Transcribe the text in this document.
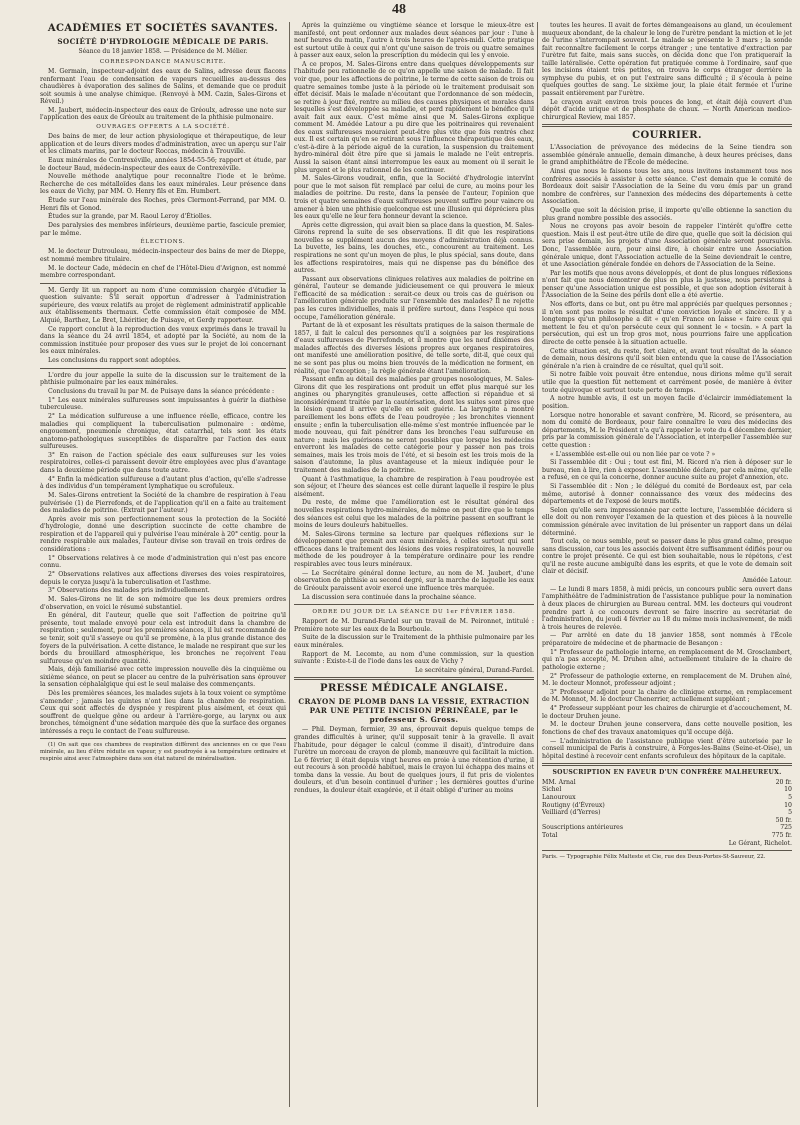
48

ACADÉMIES ET SOCIÉTÉS SAVANTES.

SOCIÉTÉ D'HYDROLOGIE MÉDICALE DE PARIS.

Séance du 18 janvier 1858. — Présidence de M. Mélier.

CORRESPONDANCE MANUSCRITE.

M. Germain, inspecteur-adjoint des eaux de Salins, adresse deux flacons renfermant l'eau de condensation de vapeurs recueillies au-dessus des chaudières à évaporation des salines de Salins, et demande que ce produit soit soumis à une analyse chimique. (Renvoyé à MM. Cazin, Sales-Girons et Réveil.)

M. Jaubert, médecin-inspecteur des eaux de Gréoulx, adresse une note sur l'application des eaux de Gréoulx au traitement de la phthisie pulmonaire.

OUVRAGES OFFERTS A LA SOCIÉTÉ.

Des bains de mer, de leur action physiologique et thérapeutique, de leur application et de leurs divers modes d'administration, avec un aperçu sur l'air et les climats marins, par le docteur Roccas, médecin à Trouville.

Eaux minérales de Contrexéville, années 1854-55-56; rapport et étude, par le docteur Baud, médecin-inspecteur des eaux de Contrexéville.

Nouvelle méthode analytique pour reconnaître l'iode et le brôme. Recherche de ces métalloïdes dans les eaux minérales. Leur présence dans les eaux de Vichy, par MM. O. Henry fils et Em. Humbert.

Étude sur l'eau minérale des Roches, près Clermont-Ferrand, par MM. O. Henri fils et Gonod.

Études sur la grande, par M. Raoul Leroy d'Étiolles.

Des paralysies des membres inférieurs, deuxième partie, fascicule premier, par le même.

ÉLECTIONS.

M. le docteur Dutrouleau, médecin-inspecteur des bains de mer de Dieppe, est nommé membre titulaire.

M. le docteur Cade, médecin en chef de l'Hôtel-Dieu d'Avignon, est nommé membre correspondant.

M. Gerdy lit un rapport au nom d'une commission chargée d'étudier la question suivante: S'il serait opportun d'adresser à l'administration supérieure, des vœux relatifs au projet de règlement administratif applicable aux établissements thermaux. Cette commission était composée de MM. Alquié, Barthez, Le Bret, Lhéritier, de Puisaye, et Gerdy rapporteur.

Ce rapport conclut à la reproduction des vœux exprimés dans le travail lu dans la séance du 24 avril 1854, et adopté par la Société, au nom de la commission instituée pour proposer des vues sur le projet de loi concernant les eaux minérales.

Les conclusions du rapport sont adoptées.

L'ordre du jour appelle la suite de la discussion sur le traitement de la phthisie pulmonaire par les eaux minérales.

Conclusions du travail lu par M. de Puisaye dans la séance précédente :

1° Les eaux minérales sulfureuses sont impuissantes à guérir la diathèse tuberculeuse.

2° La médication sulfureuse a une influence réelle, efficace, contre les maladies qui compliquent la tuberculisation pulmonaire : œdème, engouement, pneumonie chronique, état catarrhal, tels sont les états anatomo-pathologiques susceptibles de disparaître par l'action des eaux sulfureuses.

3° En raison de l'action spéciale des eaux sulfureuses sur les voies respiratoires, celles-ci paraissent devoir être employées avec plus d'avantage dans la deuxième période que dans toute autre.

4° Enfin la médication sulfureuse a d'autant plus d'action, qu'elle s'adresse à des individus d'un tempérament lymphatique ou scrofuleux.

M. Sales-Girons entretient la Société de la chambre de respiration à l'eau pulvérisée (1) de Pierrefonds, et de l'application qu'il en a faite au traitement des maladies de poitrine. (Extrait par l'auteur.)

Après avoir mis son perfectionnement sous la protection de la Société d'hydrologie, donné une description succincte de cette chambre de respiration et de l'appareil qui y pulvérise l'eau minérale à 20° centig. pour la rendre respirable aux malades, l'auteur divise son travail en trois ordres de considérations :

1° Observations relatives à ce mode d'administration qui n'est pas encore connu.

2° Observations relatives aux affections diverses des voies respiratoires, depuis le coryza jusqu'à la tuberculisation et l'asthme.

3° Observations des malades pris individuellement.

M. Sales-Girons ne lit de son mémoire que les deux premiers ordres d'observation, en voici le résumé substantiel.

En général, dit l'auteur, quelle que soit l'affection de poitrine qu'il présente, tout malade envoyé pour cela est introduit dans la chambre de respiration ; seulement, pour les premières séances, il lui est recommandé de se tenir, soit qu'il s'asseye ou qu'il se promène, à la plus grande distance des foyers de la pulvérisation. A cette distance, le malade ne respirant que sur les bords du brouillard atmosphérique, les bronches ne reçoivent l'eau sulfureuse qu'en moindre quantité.

Mais, déjà familiarisé avec cette impression nouvelle dès la cinquième ou sixième séance, on peut se placer au centre de la pulvérisation sans éprouver la sensation céphalalgique qui est le seul malaise des commençants.

Dès les premières séances, les malades sujets à la toux voient ce symptôme s'amender ; jamais les quintes n'ont lieu dans la chambre de respiration. Ceux qui sont affectés de dyspnée y respirent plus aisément, et ceux qui souffrent de quelque gêne ou ardeur à l'arrière-gorge, au larynx ou aux bronches, témoignent d'une sédation marquée dès que la surface des organes intéressés a reçu le contact de l'eau sulfureuse.

(1) On sait que ces chambres de respiration diffèrent des anciennes en ce que l'eau minérale, au lieu d'être réduite en vapeur, y est poudroyée à sa température ordinaire et respirée ainsi avec l'atmosphère dans son état naturel de minéralisation.

Après la quinzième ou vingtième séance et lorsque le mieux-être est manifesté, ont peut ordonner aux malades deux séances par jour : l'une à neuf heures du matin, l'autre à trois heures de l'après-midi. Cette pratique est surtout utile à ceux qui n'ont qu'une saison de trois ou quatre semaines à passer aux eaux, selon la prescription du médecin qui les y envoie.

A ce propos, M. Sales-Girons entre dans quelques développements sur l'habitude peu rationnelle de ce qu'on appelle une saison de malade. Il fait voir que, pour les affections de poitrine, le terme de cette saison de trois ou quatre semaines tombe juste à la période où le traitement produisait son effet décisif. Mais le malade n'écoutant que l'ordonnance de son médecin, se retire à jour fixé, rentre au milieu des causes physiques et morales dans lesquelles s'est développée sa maladie, et perd rapidement le bénéfice qu'il avait fait aux eaux. C'est même ainsi que M. Sales-Girons explique comment M. Amédée Latour a pu dire que les poitrinaires qui revenaient des eaux sulfureuses mouraient peut-être plus vite que fois rentrés chez eux. Il est certain qu'en se retirant sous l'influence thérapeutique des eaux, c'est-à-dire à la période aiguë de la curation, la suspension du traitement hydro-minéral doit être pire que si jamais le malade ne l'eût entrepris. Aussi la saison étant ainsi interrompue les eaux au moment où il serait le plus urgent et le plus rationnel de les continuer.

M. Sales-Girons voudrait, enfin, que la Société d'hydrologie intervînt pour que le mot saison fût remplacé par celui de cure, au moins pour les maladies de poitrine. Du reste, dans la pensée de l'auteur, l'opinion que trois et quatre semaines d'eaux sulfureuses peuvent suffire pour vaincre ou amener à bien une phthisie quelconque est une illusion qui dépréciera plus les eaux qu'elle ne leur fera honneur devant la science.

Après cette digression, qui avait bien sa place dans la question, M. Sales-Girons reprend la suite de ses observations. Il dit que les respirations nouvelles se supplément aucun des moyens d'administration déjà connus. La buvette, les bains, les douches, etc., concourent au traitement. Les respirations ne sont qu'un moyen de plus, le plus spécial, sans doute, dans les affections respiratoires, mais qui ne dispense pas du bénéfice des autres.

Passant aux observations cliniques relatives aux maladies de poitrine en général, l'auteur se demande judicieusement ce qui prouvera le mieux l'efficacité de sa médication : serait-ce deux ou trois cas de guérison ou l'amélioration générale produite sur l'ensemble des malades? Il ne rejette pas les cures individuelles, mais il préfère surtout, dans l'espèce qui nous occupe, l'amélioration générale.

Partant de là et exposant les résultats pratiques de la saison thermale de 1857, il fait le calcul des personnes qu'il a soignées par les respirations d'eaux sulfureuses de Pierrefonds, et il montre que les neuf dixièmes des malades affectés des diverses lésions propres aux organes respiratoires, ont manifesté une amélioration positive, de telle sorte, dit-il, que ceux qui ne se sont pas plus ou moins bien trouvés de la médication ne forment, en réalité, que l'exception ; la règle générale étant l'amélioration.

Passant enfin au détail des maladies par groupes nosologiques, M. Sales-Girons dit que les respirations ont produit un effet plus marqué sur les angines ou pharyngites granuleuses, cette affection si répandue et si inconsidérément traitée par la cautérisation, dont les suites sont pires que la lésion quand il arrive qu'elle en soit guérie. La laryngite a montré pareillement les bons effets de l'eau poudroyée ; les bronchites viennent ensuite ; enfin la tuberculisation elle-même s'est montrée influencée par le mode nouveau, qui fait pénétrer dans les bronches l'eau sulfureuse en nature ; mais les guérisons ne seront possibles que lorsque les médecins enverront les malades de cette catégorie pour y passer non pas trois semaines, mais les trois mois de l'été, et si besoin est les trois mois de la saison d'automne, la plus avantageuse et la mieux indiquée pour le traitement des maladies de la poitrine.

Quant à l'asthmatique, la chambre de respiration à l'eau poudroyée est son séjour, et l'heure des séances est celle durant laquelle il respire le plus aisément.

Du reste, de même que l'amélioration est le résultat général des nouvelles respirations hydro-minérales, de même on peut dire que le temps des séances est celui que les malades de la poitrine passent en souffrant le moins de leurs douleurs habituelles.

M. Sales-Girons termine sa lecture par quelques réflexions sur le développement que prenait aux eaux minérales, à celles surtout qui sont efficaces dans le traitement des lésions des voies respiratoires, la nouvelle méthode de les poudroyer à la température ordinaire pour les rendre respirables avec tous leurs minéraux.

— Le Secrétaire général donne lecture, au nom de M. Jaubert, d'une observation de phthisie au second degré, sur la marche de laquelle les eaux de Gréoulx paraissent avoir exercé une influence très marquée.

La discussion sera continuée dans la prochaine séance.

ORDRE DU JOUR DE LA SÉANCE DU 1er FÉVRIER 1858.

Rapport de M. Durand-Fardel sur un travail de M. Peironnet, intitulé : Première note sur les eaux de la Bourboule.

Suite de la discussion sur le Traitement de la phthisie pulmonaire par les eaux minérales.

Rapport de M. Lecomte, au nom d'une commission, sur la question suivante : Existe-t-il de l'iode dans les eaux de Vichy ?

Le secrétaire général, Durand-Fardel.

PRESSE MÉDICALE ANGLAISE.

CRAYON DE PLOMB DANS LA VESSIE, EXTRACTION PAR UNE PETITE INCISION PÉRINÉALE, par le professeur S. Gross.

— Phil. Deyman, fermier, 39 ans, éprouvait depuis quelque temps de grandes difficultés à uriner, qu'il supposait tenir à la gravelle. Il avait l'habitude, pour dégager le calcul (comme il disait), d'introduire dans l'urètre un morceau de crayon de plomb, manœuvre qui facilitait la miction. Le 6 février, il était depuis vingt heures en proie à une rétention d'urine, il eut recours à son procédé habituel, mais le crayon lui échappa des mains et tomba dans la vessie. Au bout de quelques jours, il fut pris de violentes douleurs, et d'un besoin continuel d'uriner ; les dernières gouttes d'urine rendues, la douleur était exagérée, et il était obligé d'uriner au moins

toutes les heures. Il avait de fortes démangeaisons au gland, un écoulement muqueux abondant, de la chaleur le long de l'urètre pendant la miction et le jet de l'urine s'interrompait souvent. Le malade se présente le 3 mars ; la sonde fait reconnaître facilement le corps étranger ; une tentative d'extraction par l'urètre fut faite, mais sans succès, on décida donc que l'on pratiquerait la taille latéralisée. Cette opération fut pratiquée comme à l'ordinaire, sauf que les incisions étaient très petites, on trouva le corps étranger derrière la symphyse du pubis, et on put l'extraire sans difficulté ; il s'écoula à peine quelques gouttes de sang. Le sixième jour, la plaie était fermée et l'urine passait entièrement par l'urètre.

Le crayon avait environ trois pouces de long, et était déjà couvert d'un dépôt d'acide urique et de phosphate de chaux. — North American medico-chirurgical Review, mai 1857.

COURRIER.

L'Association de prévoyance des médecins de la Seine tiendra son assemblée générale annuelle, demain dimanche, à deux heures précises, dans le grand amphithéâtre de l'École de médecine.

Ainsi que nous le faisons tous les ans, nous invitons instamment tous nos confrères associés à assister à cette séance. C'est demain que le comité de Bordeaux doit saisir l'Association de la Seine du vœu émis par un grand nombre de confrères, sur l'annexion des médecins des départements à cette Association.

Quelle que soit la décision prise, il importe qu'elle obtienne la sanction du plus grand nombre possible des associés.

Nous ne croyons pas avoir besoin de rappeler l'intérêt qu'offre cette question. Mais il est peut-être utile de dire que, quelle que soit la décision qui sera prise demain, les projets d'une Association générale seront poursuivis. Donc, l'assemblée aura, pour ainsi dire, à choisir entre une Association générale unique, dont l'Association actuelle de la Seine deviendrait le centre, et une Association générale fondée en dehors de l'Association de la Seine.

Par les motifs que nous avons développés, et dont de plus longues réflexions n'ont fait que nous démontrer de plus en plus la justesse, nous persistons à penser qu'une Association unique est possible, et que son adoption éviterait à l'Association de la Seine des périls dont elle a été avertie.

Nos efforts, dans ce but, ont pu être mal appréciés par quelques personnes ; il n'en sont pas moins le résultat d'une conviction loyale et sincère. Il y a longtemps qu'un philosophe a dit « qu'en France on laisse « faire ceux qui mettent le feu et qu'on persécute ceux qui sonnent le « tocsin. » A part la persécution, qui est un trop gros mot, nous pourrions faire une application directe de cette pensée à la situation actuelle.

Cette situation est, du reste, fort claire, et, avant tout résultat de la séance de demain, nous désirons qu'il soit bien entendu que la cause de l'Association générale n'a rien à craindre de ce résultat, quel qu'il soit.

Si notre faible voix pouvait être entendue, nous dirions même qu'il serait utile que la question fût nettement et carrément posée, de manière à éviter toute équivoque et surtout toute perte de temps.

A notre humble avis, il est un moyen facile d'éclaircir immédiatement la position.

Lorsque notre honorable et savant confrère, M. Ricord, se présentera, au nom du comité de Bordeaux, pour faire connaître le vœu des médecins des départements, M. le Président n'a qu'à rappeler le vote du 4 décembre dernier, pris par la commission générale de l'Association, et interpeller l'assemblée sur cette question :

« L'assemblée est-elle oui ou non liée par ce vote ? »

Si l'assemblée dit : Oui ; tout est fini, M. Ricord n'a rien à déposer sur le bureau, rien à lire, rien à exposer. L'assemblée déclare, par cela même, qu'elle a refusé, en ce qui la concerne, donner aucune suite au projet d'annexion, etc.

Si l'assemblée dit : Non ; le délégué du comité de Bordeaux est, par cela même, autorisé à donner connaissance des vœux des médecins des départements et de l'exposé de leurs motifs.

Selon qu'elle sera impressionnée par cette lecture, l'assemblée décidera si elle doit ou non renvoyer l'examen de la question et des pièces à la nouvelle commission générale avec invitation de lui présenter un rapport dans un délai déterminé.

Tout cela, ce nous semble, peut se passer dans le plus grand calme, presque sans discussion, car tous les associés doivent être suffisamment édifiés pour ou contre le projet présenté. Ce qui est bien souhaitable, nous le répétons, c'est qu'il ne reste aucune ambiguïté dans les esprits, et que le vote de demain soit clair et décisif.

Amédée Latour.

— Le lundi 8 mars 1858, à midi précis, un concours public sera ouvert dans l'amphithéâtre de l'administration de l'assistance publique pour la nomination à deux places de chirurgien au Bureau central. MM. les docteurs qui voudront prendre part à ce concours devront se faire inscrire au secrétariat de l'administration, du jeudi 4 février au 18 du même mois inclusivement, de midi à trois heures de relevée.

— Par arrêté en date du 18 janvier 1858, sont nommés à l'École préparatoire de médecine et de pharmacie de Besançon :

1° Professeur de pathologie interne, en remplacement de M. Grosclambert, qui n'a pas accepté, M. Druhen aîné, actuellement titulaire de la chaire de pathologie externe ;

2° Professeur de pathologie externe, en remplacement de M. Druhen aîné, M. le docteur Monnot, professeur adjoint ;

3° Professeur adjoint pour la chaire de clinique externe, en remplacement de M. Monnot, M. le docteur Chenerrier, actuellement suppléant ;

4° Professeur suppléant pour les chaires de chirurgie et d'accouchement, M. le docteur Druhen jeune.

M. le docteur Druhen jeune conservera, dans cette nouvelle position, les fonctions de chef des travaux anatomiques qu'il occupe déjà.

— L'administration de l'assistance publique vient d'être autorisée par le conseil municipal de Paris à construire, à Forges-les-Bains (Seine-et-Oise), un hôpital destiné à recevoir cent enfants scrofuleux des hôpitaux de la capitale.

SOUSCRIPTION EN FAVEUR D'UN CONFRÈRE MALHEUREUX.
MM. Arnal	20 fr.
Sichel	10
Lanouroux	5
Routigny (d'Évreux)	10
Veilliard (d'Yerres)	5
	50 fr.
Souscriptions antérieures	725
Total	775 fr.

Le Gérant, Richelot.

Paris. — Typographie Félix Malteste et Cie, rue des Deux-Portes-St-Sauveur, 22.
